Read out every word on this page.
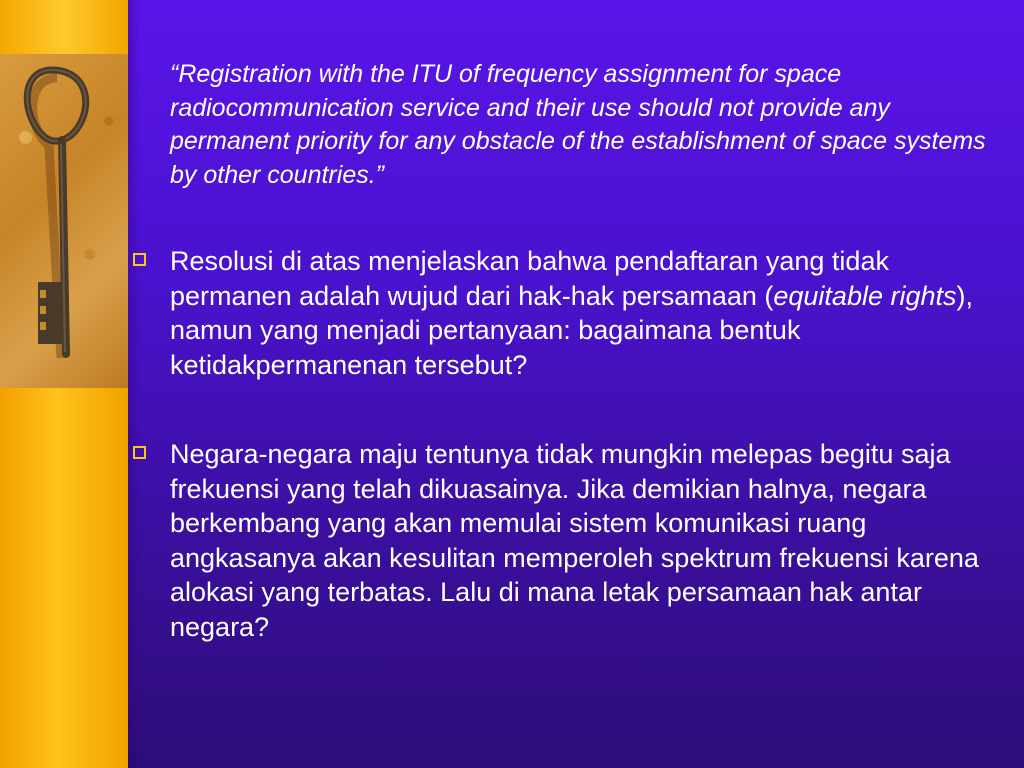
“Registration with the ITU of frequency assignment for space radiocommunication service and their use should not provide any permanent priority for any obstacle of the establishment of space systems by other countries.”

Resolusi di atas menjelaskan bahwa pendaftaran yang tidak permanen adalah wujud dari hak-hak persamaan (equitable rights), namun yang menjadi pertanyaan: bagaimana bentuk ketidakpermanenan tersebut?
Negara-negara maju tentunya tidak mungkin melepas begitu saja frekuensi yang telah dikuasainya. Jika demikian halnya, negara berkembang yang akan memulai sistem komunikasi ruang angkasanya akan kesulitan memperoleh spektrum frekuensi karena alokasi yang terbatas. Lalu di mana letak persamaan hak antar negara?
